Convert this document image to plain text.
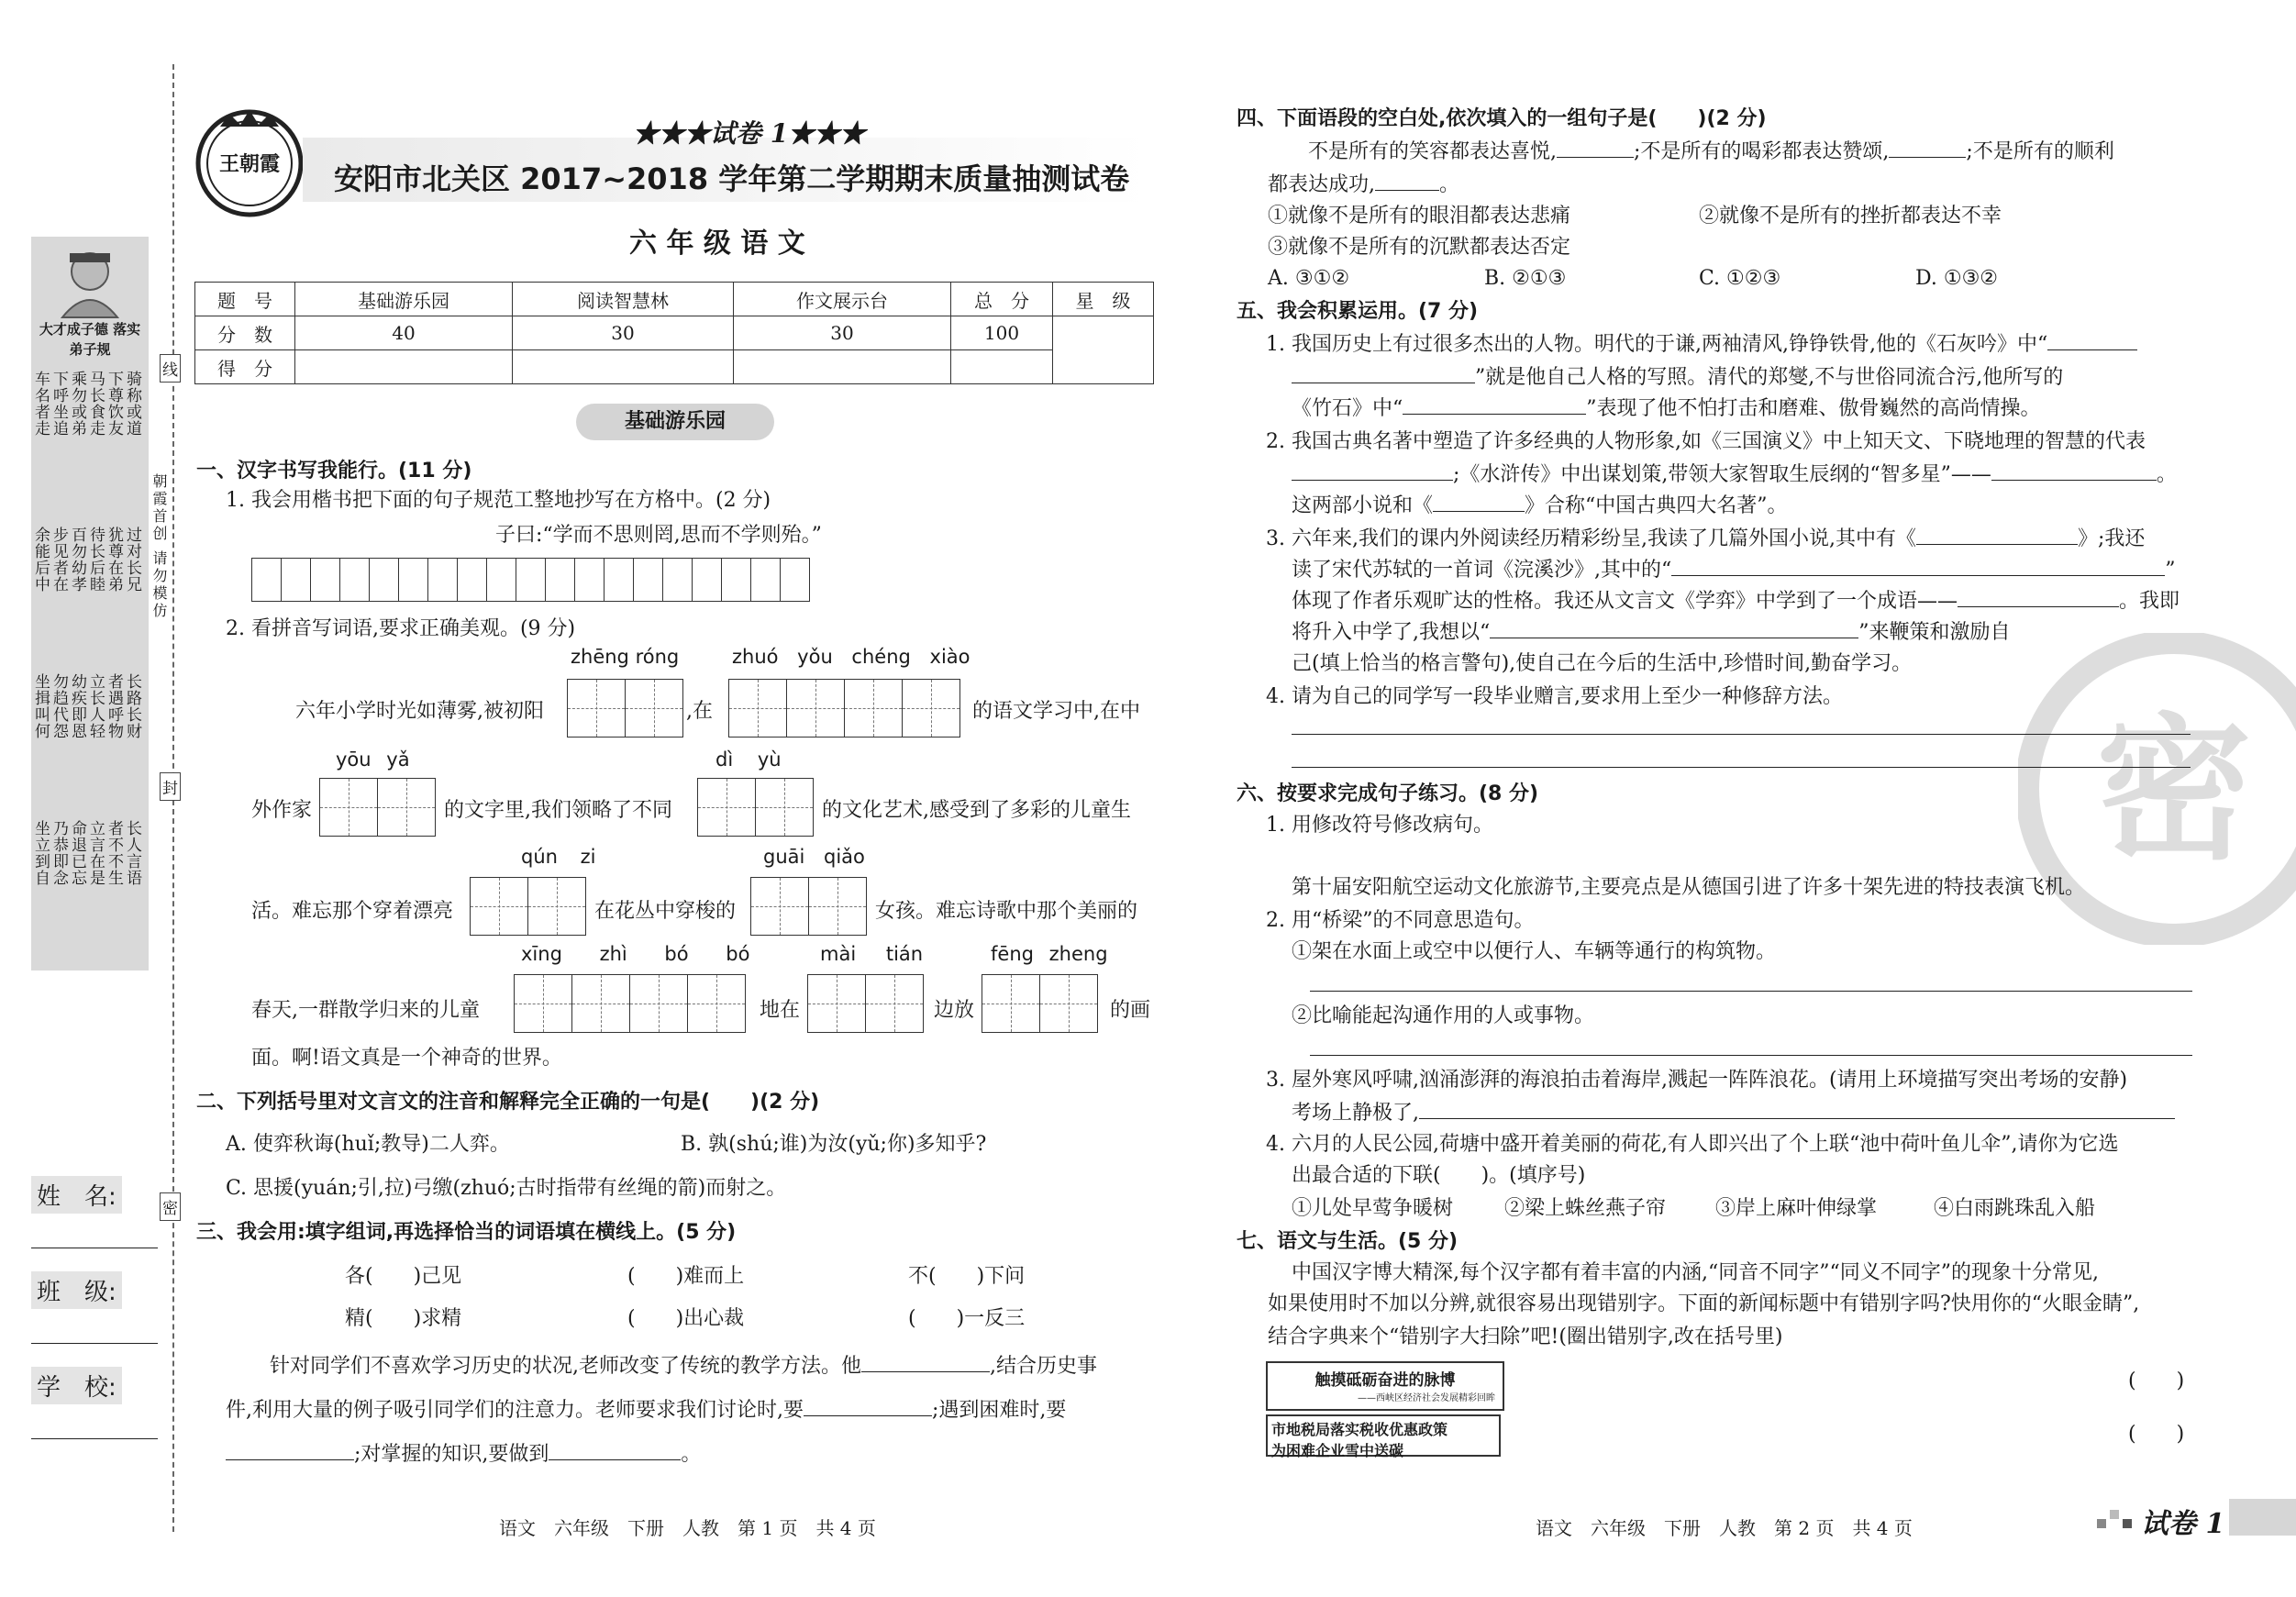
大才成子德 落实弟子规
骑称或道
下尊饮友
马长食走
乘勿或弟
下呼坐追
车名者走
过对长兄
犹尊在弟
待长后睦
百勿幼孝
步见者在
余能后中
长路长财
者遇呼物
立长人轻
幼疾即恩
勿趋代怨
坐揖叫何
长人言语
者不不生
立言在是
命退已忘
乃恭即念
坐立到自
线
封
密
朝霞首创 请勿模仿
姓　名:
班　级:
学　校:
王朝霞
★★★试卷 1★★★
安阳市北关区 2017~2018 学年第二学期期末质量抽测试卷
六 年 级 语 文
题　号	基础游乐园	阅读智慧林	作文展示台	总　分	星　级
分　数	40	30	30	100	
得　分					
基础游乐园
一、汉字书写我能行。(11 分)
1. 我会用楷书把下面的句子规范工整地抄写在方格中。(2 分)
子曰:“学而不思则罔,思而不学则殆。”
2. 看拼音写词语,要求正确美观。(9 分)
zhēng róng	zhuó yǒu chéng xiào
六年小学时光如薄雾,被初阳	,在	的语文学习中,在中
yōu yǎ	dì yù
外作家	的文字里,我们领略了不同	的文化艺术,感受到了多彩的儿童生
qún zi	guāi qiǎo
活。难忘那个穿着漂亮	在花丛中穿梭的	女孩。难忘诗歌中那个美丽的
xīng zhì bó bó	mài tián	fēng zheng
春天,一群散学归来的儿童	地在	边放	的画
面。啊!语文真是一个神奇的世界。
二、下列括号里对文言文的注音和解释完全正确的一句是(　　)(2 分)
A. 使弈秋诲(huǐ;教导)二人弈。	B. 孰(shú;谁)为汝(yǔ;你)多知乎?
C. 思援(yuán;引,拉)弓缴(zhuó;古时指带有丝绳的箭)而射之。
三、我会用:填字组词,再选择恰当的词语填在横线上。(5 分)
各(　　)己见	(　　)难而上	不(　　)下问
精(　　)求精	(　　)出心裁	(　　)一反三
针对同学们不喜欢学习历史的状况,老师改变了传统的教学方法。他	,结合历史事
件,利用大量的例子吸引同学们的注意力。老师要求我们讨论时,要	;遇到困难时,要
;对掌握的知识,要做到	。
语文　六年级　下册　人教　第 1 页　共 4 页
密
四、下面语段的空白处,依次填入的一组句子是(　　)(2 分)
不是所有的笑容都表达喜悦,	;不是所有的喝彩都表达赞颂,	;不是所有的顺利
都表达成功,	。
①就像不是所有的眼泪都表达悲痛	②就像不是所有的挫折都表达不幸
③就像不是所有的沉默都表达否定
A. ③①②	B. ②①③	C. ①②③	D. ①③②
五、我会积累运用。(7 分)
1. 我国历史上有过很多杰出的人物。明代的于谦,两袖清风,铮铮铁骨,他的《石灰吟》中“
”就是他自己人格的写照。清代的郑燮,不与世俗同流合污,他所写的
《竹石》中“	”表现了他不怕打击和磨难、傲骨巍然的高尚情操。
2. 我国古典名著中塑造了许多经典的人物形象,如《三国演义》中上知天文、下晓地理的智慧的代表
;《水浒传》中出谋划策,带领大家智取生辰纲的“智多星”——	。
这两部小说和《	》合称“中国古典四大名著”。
3. 六年来,我们的课内外阅读经历精彩纷呈,我读了几篇外国小说,其中有《	》;我还
读了宋代苏轼的一首词《浣溪沙》,其中的“	”
体现了作者乐观旷达的性格。我还从文言文《学弈》中学到了一个成语——	。我即
将升入中学了,我想以“	”来鞭策和激励自
己(填上恰当的格言警句),使自己在今后的生活中,珍惜时间,勤奋学习。
4. 请为自己的同学写一段毕业赠言,要求用上至少一种修辞方法。
六、按要求完成句子练习。(8 分)
1. 用修改符号修改病句。
第十届安阳航空运动文化旅游节,主要亮点是从德国引进了许多十架先进的特技表演飞机。
2. 用“桥梁”的不同意思造句。
①架在水面上或空中以便行人、车辆等通行的构筑物。
②比喻能起沟通作用的人或事物。
3. 屋外寒风呼啸,汹涌澎湃的海浪拍击着海岸,溅起一阵阵浪花。(请用上环境描写突出考场的安静)
考场上静极了,
4. 六月的人民公园,荷塘中盛开着美丽的荷花,有人即兴出了个上联“池中荷叶鱼儿伞”,请你为它选
出最合适的下联(　　)。(填序号)
①儿处早莺争暖树	②梁上蛛丝燕子帘 ③岸上麻叶伸绿掌	④白雨跳珠乱入船
七、语文与生活。(5 分)
中国汉字博大精深,每个汉字都有着丰富的内涵,“同音不同字”“同义不同字”的现象十分常见,
如果使用时不加以分辨,就很容易出现错别字。下面的新闻标题中有错别字吗?快用你的“火眼金睛”,
结合字典来个“错别字大扫除”吧!(圈出错别字,改在括号里)
触摸砥砺奋进的脉博
——西峡区经济社会发展精彩回眸
(　　)
市地税局落实税收优惠政策
为困难企业雪中送碳
(　　)
语文　六年级　下册　人教　第 2 页　共 4 页	试卷 1
